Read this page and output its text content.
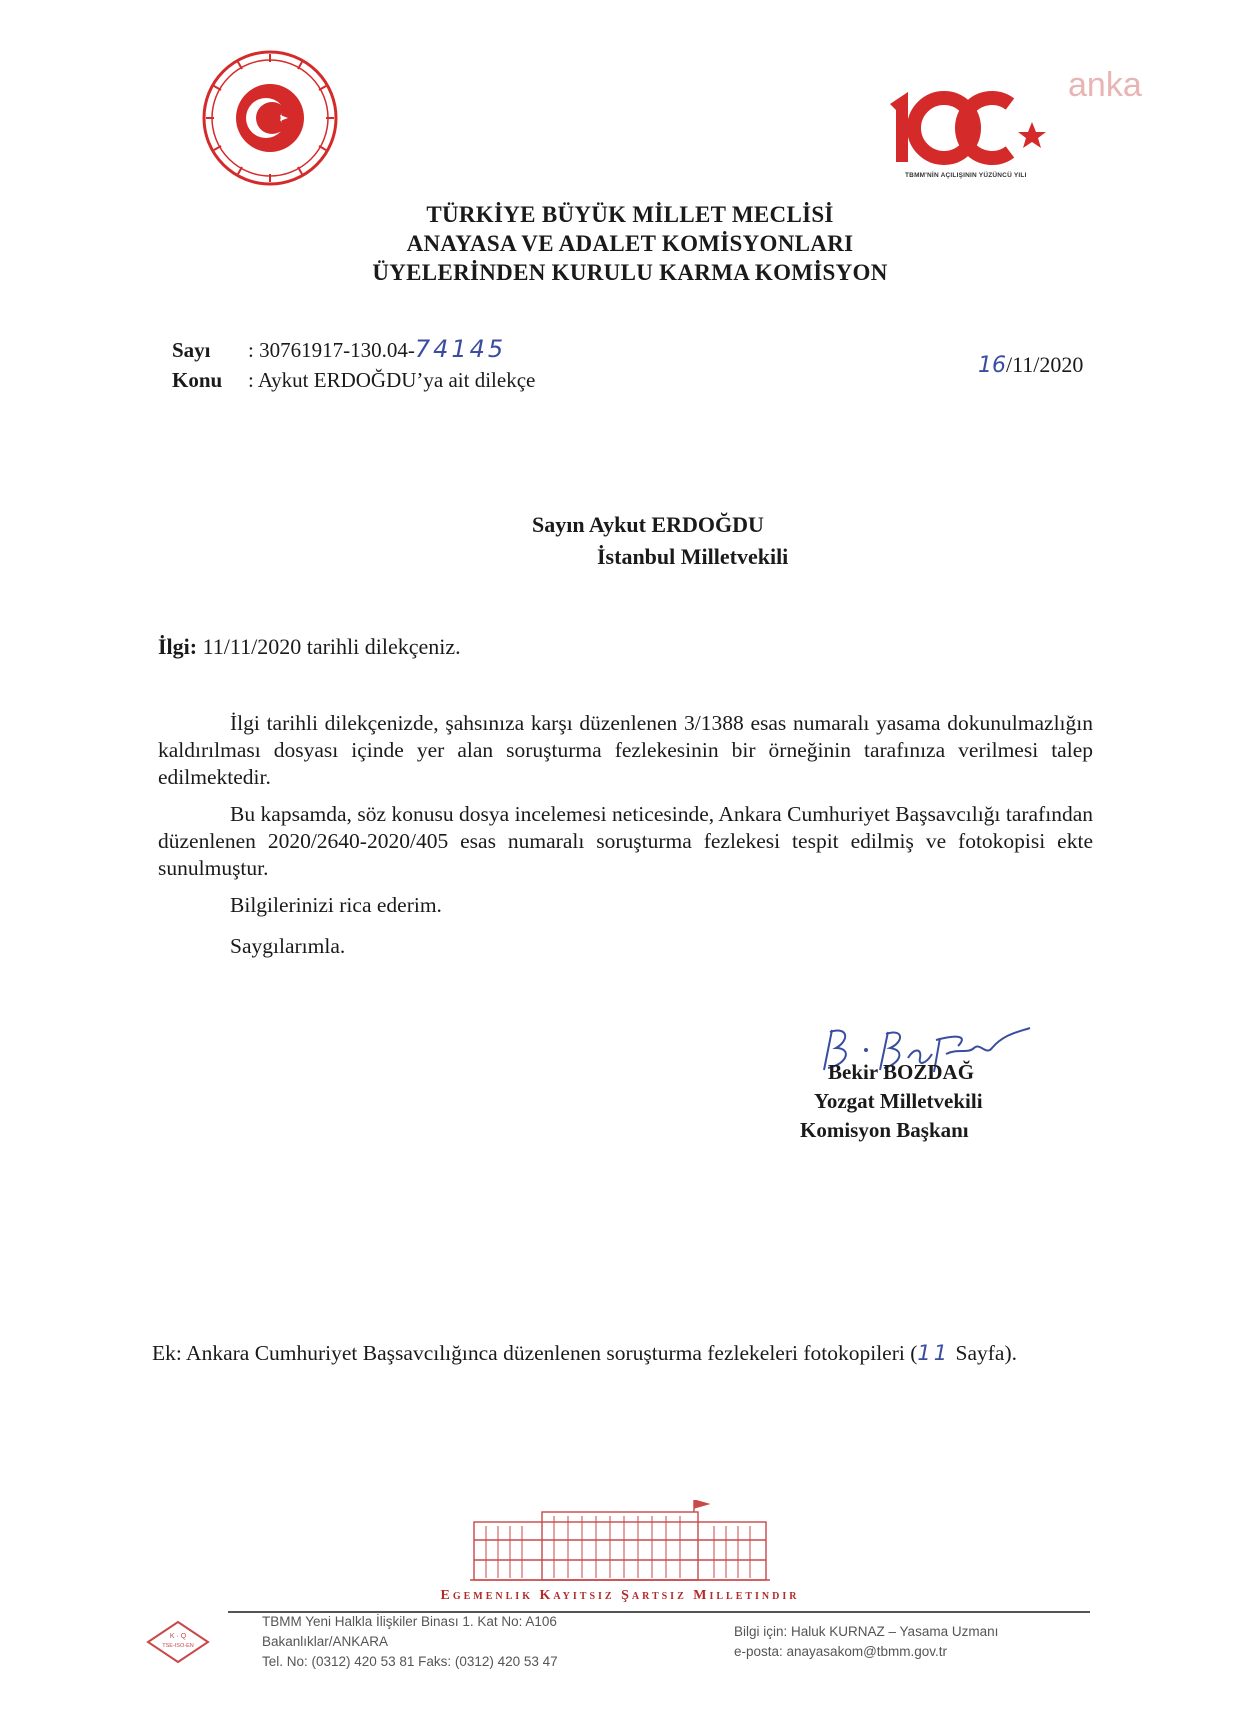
TBMM'NİN AÇILIŞININ YÜZÜNCÜ YILI
anka
TÜRKİYE BÜYÜK MİLLET MECLİSİ
ANAYASA VE ADALET KOMİSYONLARI
ÜYELERİNDEN KURULU KARMA KOMİSYON
Sayı : 30761917-130.04-74145
Konu : Aykut ERDOĞDU’ya ait dilekçe
16/11/2020
Sayın Aykut ERDOĞDU
İstanbul Milletvekili
İlgi: 11/11/2020 tarihli dilekçeniz.

İlgi tarihli dilekçenizde, şahsınıza karşı düzenlenen 3/1388 esas numaralı yasama dokunulmazlığın kaldırılması dosyası içinde yer alan soruşturma fezlekesinin bir örneğinin tarafınıza verilmesi talep edilmektedir.

Bu kapsamda, söz konusu dosya incelemesi neticesinde, Ankara Cumhuriyet Başsavcılığı tarafından düzenlenen 2020/2640-2020/405 esas numaralı soruşturma fezlekesi tespit edilmiş ve fotokopisi ekte sunulmuştur.

Bilgilerinizi rica ederim.

Saygılarımla.

Bekir BOZDAĞ
Yozgat Milletvekili
Komisyon Başkanı
Ek: Ankara Cumhuriyet Başsavcılığınca düzenlenen soruşturma fezlekeleri fotokopileri (11 Sayfa).
Egemenlik Kayıtsız Şartsız Milletindir
K · Q
TSE-ISO-EN
TBMM Yeni Halkla İlişkiler Binası 1. Kat No: A106
Bakanlıklar/ANKARA
Tel. No: (0312) 420 53 81 Faks: (0312) 420 53 47
Bilgi için: Haluk KURNAZ – Yasama Uzmanı
e-posta: anayasakom@tbmm.gov.tr
